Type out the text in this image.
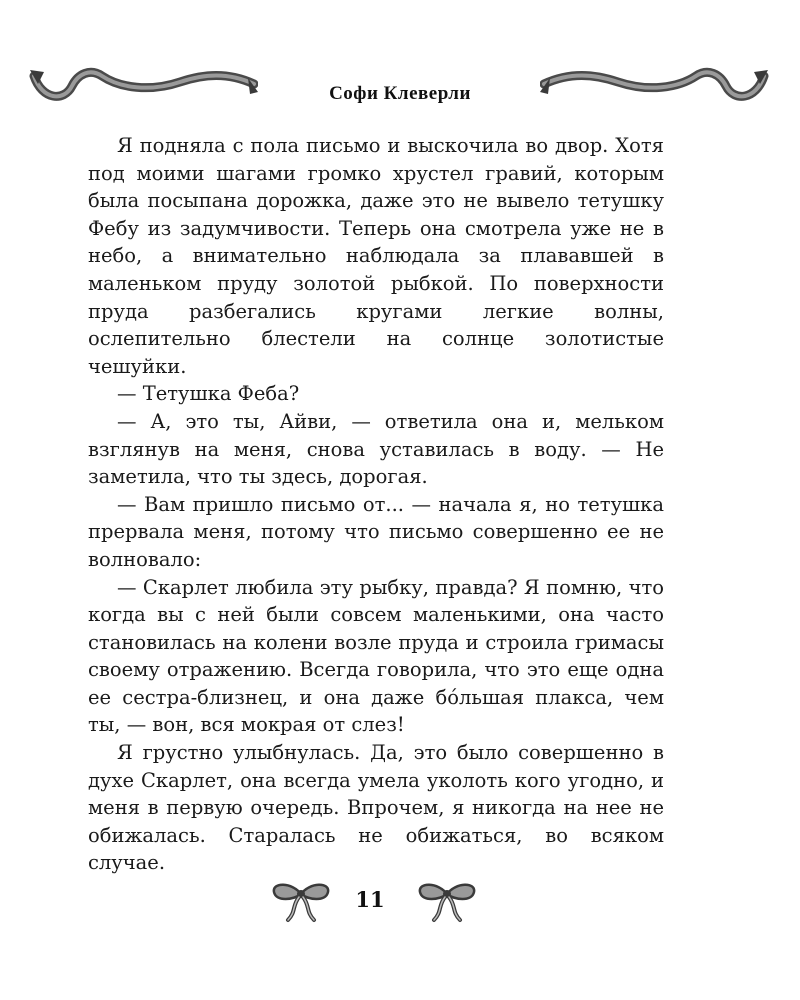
Софи Клеверли

Я подняла с пола письмо и выскочила во двор. Хотя под моими шагами громко хрустел гравий, которым была посыпана дорожка, даже это не вывело тетушку Фебу из задумчивости. Теперь она смотрела уже не в небо, а внимательно наблюдала за плававшей в маленьком пруду золотой рыбкой. По поверхности пруда разбегались кругами легкие волны, ослепительно блестели на солнце золотистые чешуйки.

— Тетушка Феба?

— А, это ты, Айви, — ответила она и, мельком взглянув на меня, снова уставилась в воду. — Не заметила, что ты здесь, дорогая.

— Вам пришло письмо от... — начала я, но тетушка прервала меня, потому что письмо совершенно ее не волновало:

— Скарлет любила эту рыбку, правда? Я помню, что когда вы с ней были совсем маленькими, она часто становилась на колени возле пруда и строила гримасы своему отражению. Всегда говорила, что это еще одна ее сестра-близнец, и она даже бóльшая плакса, чем ты, — вон, вся мокрая от слез!

Я грустно улыбнулась. Да, это было совершенно в духе Скарлет, она всегда умела уколоть кого угодно, и меня в первую очередь. Впрочем, я никогда на нее не обижалась. Старалась не обижаться, во всяком случае.

11
